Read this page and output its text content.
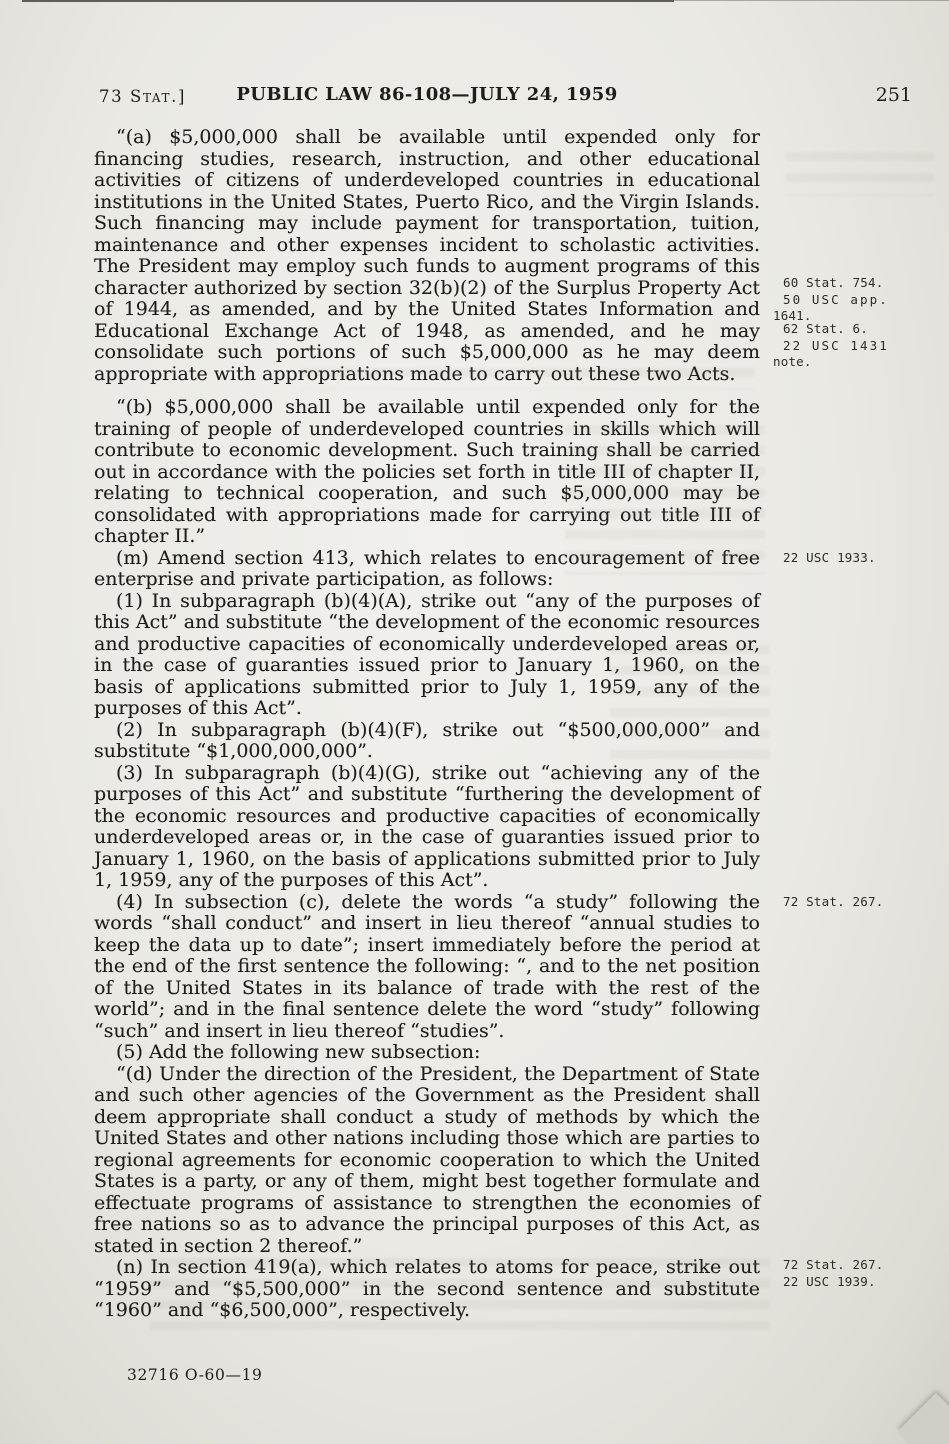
73 Stat.]	PUBLIC LAW 86-108—JULY 24, 1959	251

“(a) $5,000,000 shall be available until expended only for financing studies, research, instruction, and other educational activities of citizens of underdeveloped countries in educational institutions in the United States, Puerto Rico, and the Virgin Islands. Such financing may include payment for transportation, tuition, maintenance and other expenses incident to scholastic activities. The President may employ such funds to augment programs of this character authorized by section 32(b)(2) of the Surplus Property Act of 1944, as amended, and by the United States Information and Educational Exchange Act of 1948, as amended, and he may consolidate such portions of such $5,000,000 as he may deem appropriate with appropriations made to carry out these two Acts.
60 Stat. 754.
50 USC app.
1641.
62 Stat. 6.
22 USC 1431
note.

“(b) $5,000,000 shall be available until expended only for the training of people of underdeveloped countries in skills which will contribute to economic development. Such training shall be carried out in accordance with the policies set forth in title III of chapter II, relating to technical cooperation, and such $5,000,000 may be consolidated with appropriations made for carrying out title III of chapter II.”

(m) Amend section 413, which relates to encouragement of free enterprise and private participation, as follows:
22 USC 1933.

(1) In subparagraph (b)(4)(A), strike out “any of the purposes of this Act” and substitute “the development of the economic resources and productive capacities of economically underdeveloped areas or, in the case of guaranties issued prior to January 1, 1960, on the basis of applications submitted prior to July 1, 1959, any of the purposes of this Act”.

(2) In subparagraph (b)(4)(F), strike out “$500,000,000” and substitute “$1,000,000,000”.

(3) In subparagraph (b)(4)(G), strike out “achieving any of the purposes of this Act” and substitute “furthering the development of the economic resources and productive capacities of economically underdeveloped areas or, in the case of guaranties issued prior to January 1, 1960, on the basis of applications submitted prior to July 1, 1959, any of the purposes of this Act”.

(4) In subsection (c), delete the words “a study” following the words “shall conduct” and insert in lieu thereof “annual studies to keep the data up to date”; insert immediately before the period at the end of the first sentence the following: “, and to the net position of the United States in its balance of trade with the rest of the world”; and in the final sentence delete the word “study” following “such” and insert in lieu thereof “studies”.
72 Stat. 267.

(5) Add the following new subsection:

“(d) Under the direction of the President, the Department of State and such other agencies of the Government as the President shall deem appropriate shall conduct a study of methods by which the United States and other nations including those which are parties to regional agreements for economic cooperation to which the United States is a party, or any of them, might best together formulate and effectuate programs of assistance to strengthen the economies of free nations so as to advance the principal purposes of this Act, as stated in section 2 thereof.”

(n) In section 419(a), which relates to atoms for peace, strike out “1959” and “$5,500,000” in the second sentence and substitute “1960” and “$6,500,000”, respectively.
72 Stat. 267.
22 USC 1939.

32716 O-60—19
